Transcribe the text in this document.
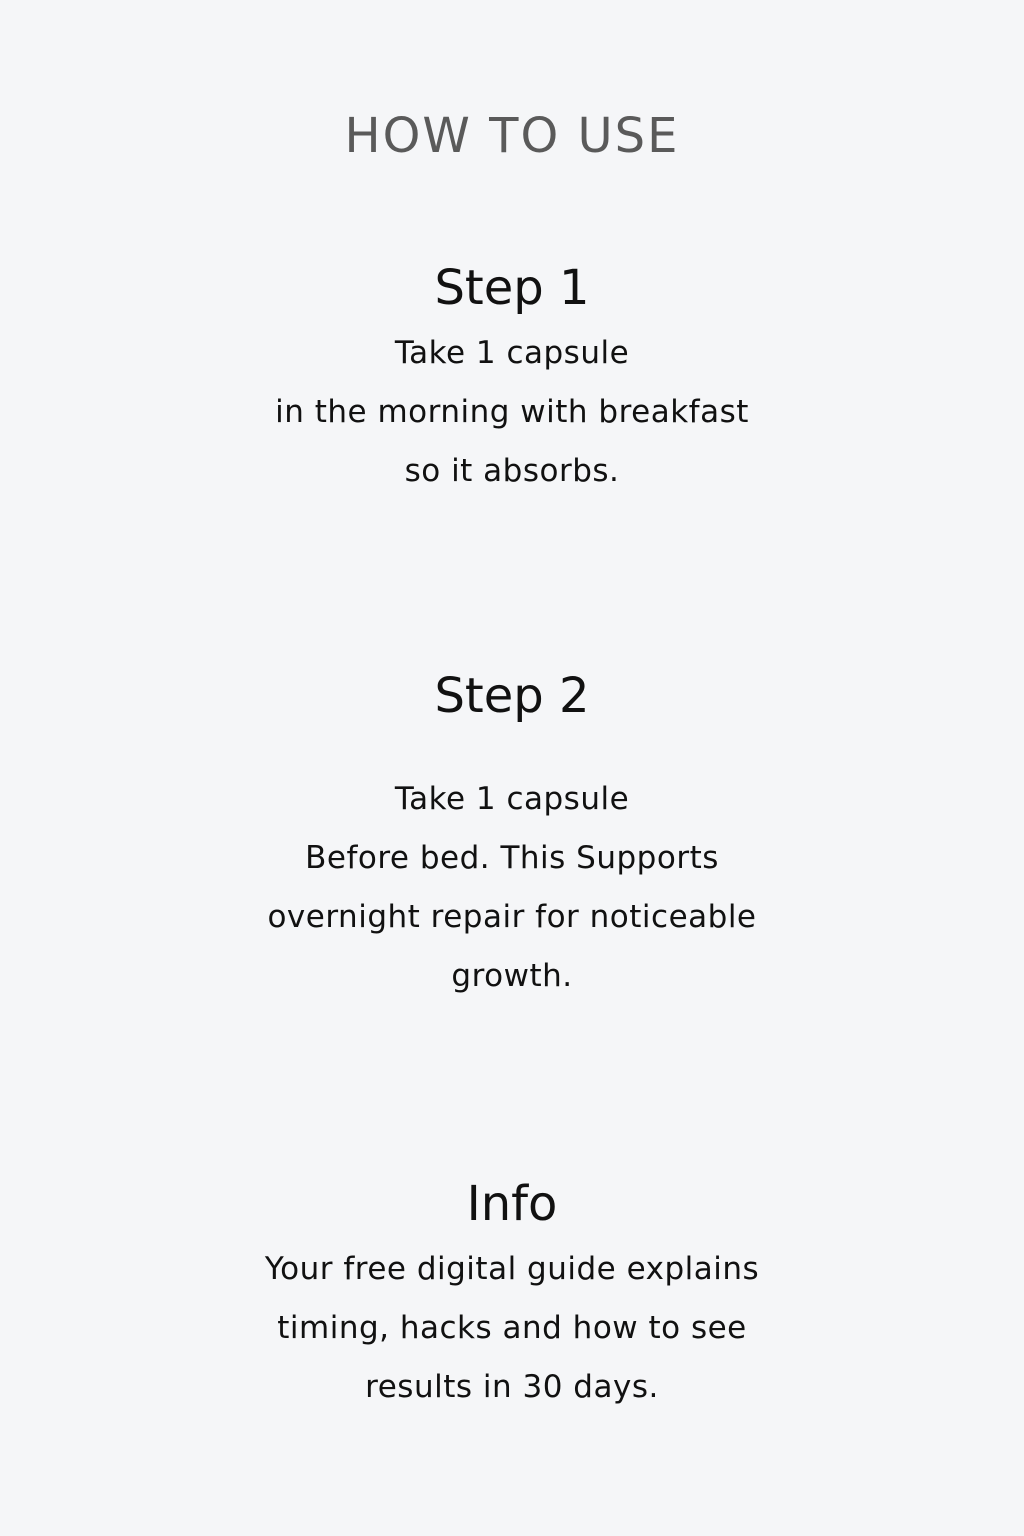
HOW TO USE
Step 1
Take 1 capsule
in the morning with breakfast
so it absorbs.
Step 2
Take 1 capsule
Before bed. This Supports
overnight repair for noticeable
growth.
Info
Your free digital guide explains
timing, hacks and how to see
results in 30 days.
